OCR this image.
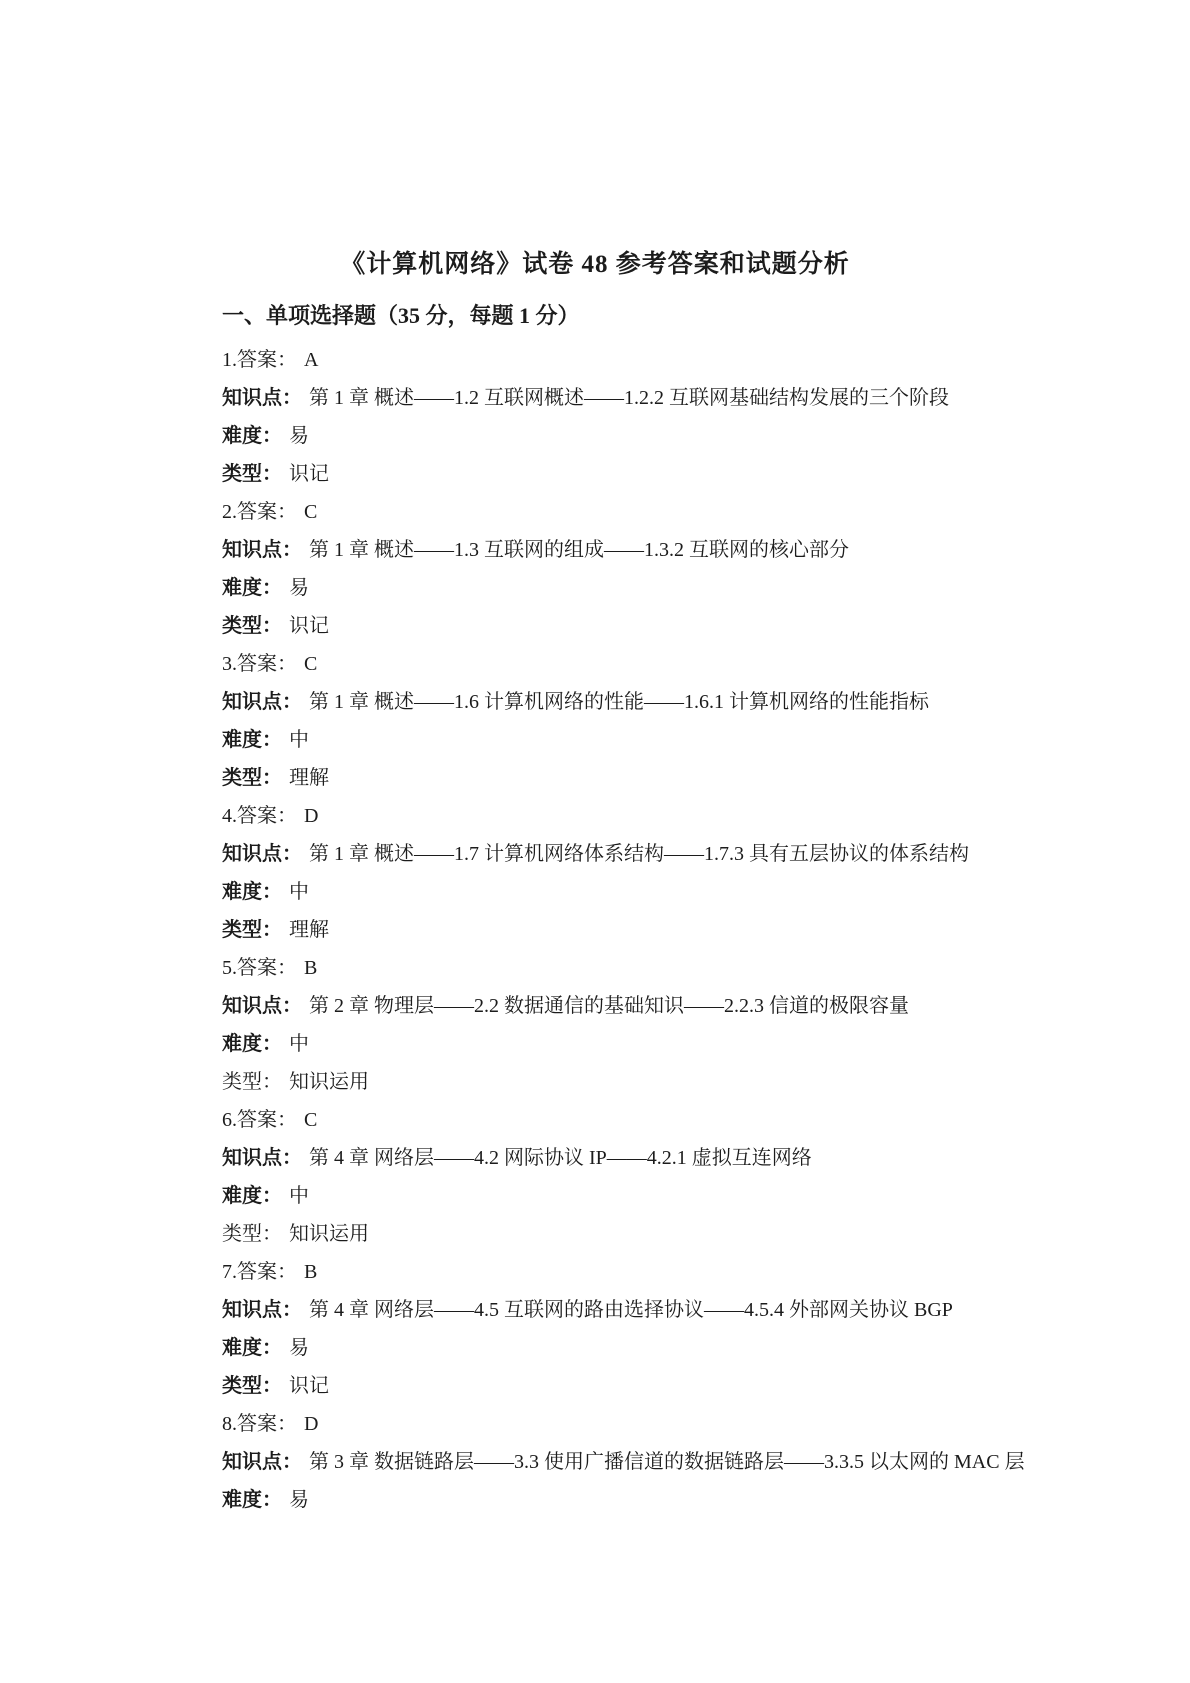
《计算机网络》试卷 48 参考答案和试题分析
一、单项选择题（35 分，每题 1 分）
1.答案： A
知识点： 第 1 章 概述——1.2 互联网概述——1.2.2 互联网基础结构发展的三个阶段
难度： 易
类型： 识记
2.答案： C
知识点： 第 1 章 概述——1.3 互联网的组成——1.3.2 互联网的核心部分
难度： 易
类型： 识记
3.答案： C
知识点： 第 1 章 概述——1.6 计算机网络的性能——1.6.1 计算机网络的性能指标
难度： 中
类型： 理解
4.答案： D
知识点： 第 1 章 概述——1.7 计算机网络体系结构——1.7.3 具有五层协议的体系结构
难度： 中
类型： 理解
5.答案： B
知识点： 第 2 章 物理层——2.2 数据通信的基础知识——2.2.3 信道的极限容量
难度： 中
类型： 知识运用
6.答案： C
知识点： 第 4 章 网络层——4.2 网际协议 IP——4.2.1 虚拟互连网络
难度： 中
类型： 知识运用
7.答案： B
知识点： 第 4 章 网络层——4.5 互联网的路由选择协议——4.5.4 外部网关协议 BGP
难度： 易
类型： 识记
8.答案： D
知识点： 第 3 章 数据链路层——3.3 使用广播信道的数据链路层——3.3.5 以太网的 MAC 层
难度： 易
